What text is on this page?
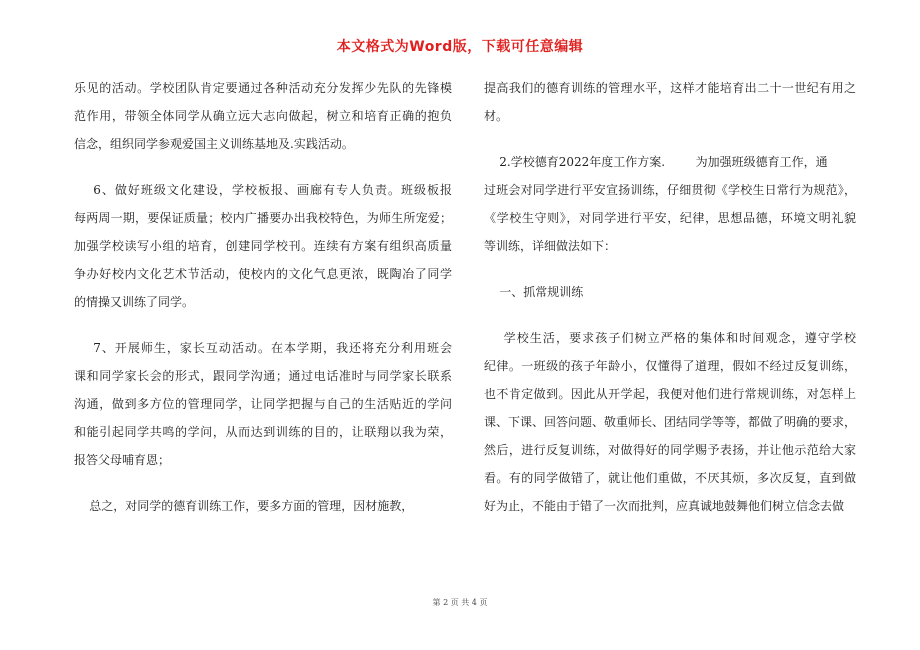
本文格式为Word版，下载可任意编辑
乐见的活动。学校团队肯定要通过各种活动充分发挥少先队的先锋模
范作用，带领全体同学从确立远大志向做起，树立和培育正确的抱负
信念，组织同学参观爱国主义训练基地及.实践活动。
6、做好班级文化建设，学校板报、画廊有专人负责。班级板报
每两周一期，要保证质量；校内广播要办出我校特色，为师生所宠爱；
加强学校读写小组的培育，创建同学校刊。连续有方案有组织高质量
争办好校内文化艺术节活动，使校内的文化气息更浓，既陶冶了同学
的情操又训练了同学。
7、开展师生，家长互动活动。在本学期，我还将充分利用班会
课和同学家长会的形式，跟同学沟通；通过电话准时与同学家长联系
沟通，做到多方位的管理同学，让同学把握与自己的生活贴近的学问
和能引起同学共鸣的学问，从而达到训练的目的，让联翔以我为荣，
报答父母哺育恩；
总之，对同学的德育训练工作，要多方面的管理，因材施教，
提高我们的德育训练的管理水平，这样才能培育出二十一世纪有用之
材。
2.学校德育2022年度工作方案.        为加强班级德育工作，通
过班会对同学进行平安宣扬训练，仔细贯彻《学校生日常行为规范》，
《学校生守则》，对同学进行平安，纪律，思想品德，环境文明礼貌
等训练，详细做法如下：
一、抓常规训练
学校生活，要求孩子们树立严格的集体和时间观念，遵守学校
纪律。一班级的孩子年龄小，仅懂得了道理，假如不经过反复训练，
也不肯定做到。因此从开学起，我便对他们进行常规训练，对怎样上
课、下课、回答问题、敬重师长、团结同学等等，都做了明确的要求，
然后，进行反复训练，对做得好的同学赐予表扬，并让他示范给大家
看。有的同学做错了，就让他们重做，不厌其烦，多次反复，直到做
好为止，不能由于错了一次而批判，应真诚地鼓舞他们树立信念去做
第 2 页 共 4 页
